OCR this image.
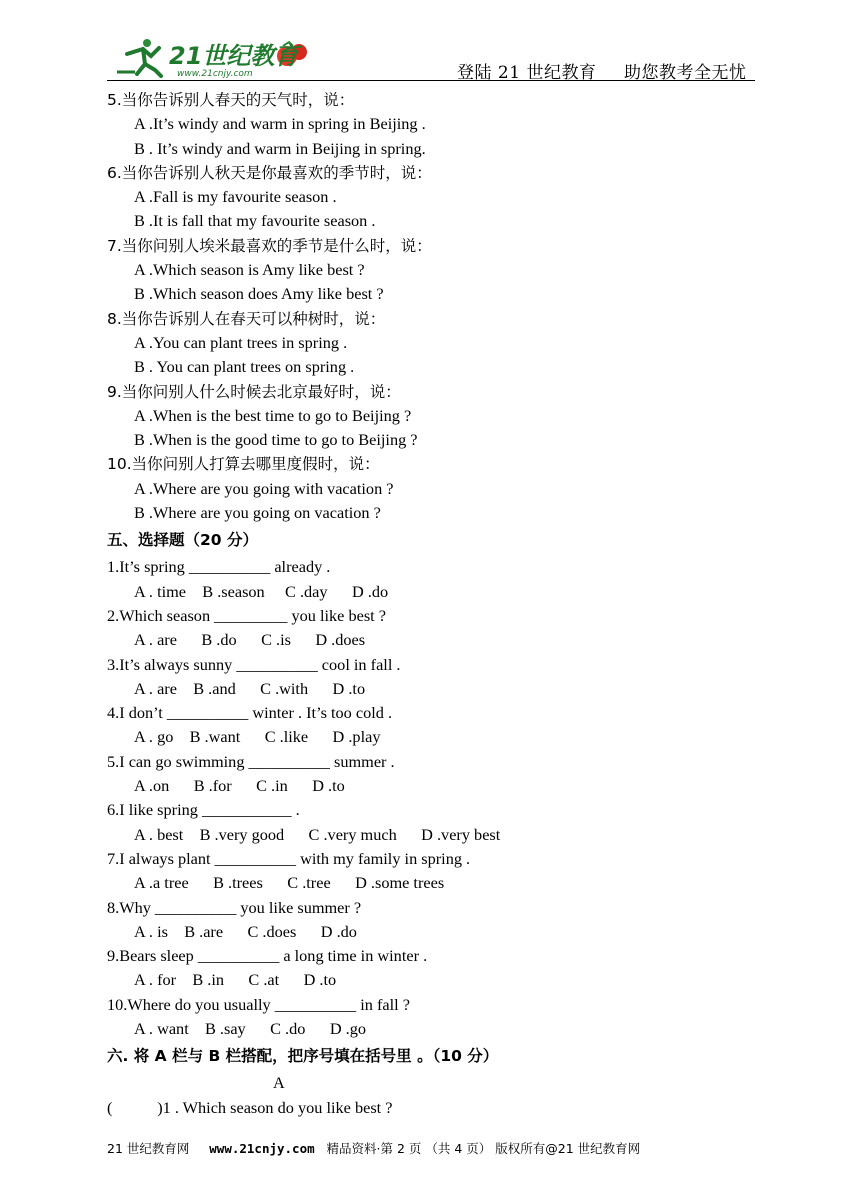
21世纪教育
www.21cnjy.com	登陆 21 世纪教育 助您教考全无忧
5.当你告诉别人春天的天气时，说：
A .It’s windy and warm in spring in Beijing .
B . It’s windy and warm in Beijing in spring.
6.当你告诉别人秋天是你最喜欢的季节时，说：
A .Fall is my favourite season .
B .It is fall that my favourite season .
7.当你问别人埃米最喜欢的季节是什么时，说：
A .Which season is Amy like best ?
B .Which season does Amy like best ?
8.当你告诉别人在春天可以种树时，说：
A .You can plant trees in spring .
B . You can plant trees on spring .
9.当你问别人什么时候去北京最好时，说：
A .When is the best time to go to Beijing ?
B .When is the good time to go to Beijing ?
10.当你问别人打算去哪里度假时，说：
A .Where are you going with vacation ?
B .Where are you going on vacation ?
五、选择题（20 分）
1.It’s spring __________ already .
A . time    B .season     C .day      D .do
2.Which season _________ you like best ?
A . are      B .do      C .is      D .does
3.It’s always sunny __________ cool in fall .
A . are    B .and      C .with      D .to
4.I don’t __________ winter . It’s too cold .
A . go    B .want      C .like      D .play
5.I can go swimming __________ summer .
A .on      B .for      C .in      D .to
6.I like spring ___________ .
A . best    B .very good      C .very much      D .very best
7.I always plant __________ with my family in spring .
A .a tree      B .trees      C .tree      D .some trees
8.Why __________ you like summer ?
A . is    B .are      C .does      D .do
9.Bears sleep __________ a long time in winter .
A . for    B .in      C .at      D .to
10.Where do you usually __________ in fall ?
A . want    B .say      C .do      D .go
六. 将 A 栏与 B 栏搭配，把序号填在括号里 。（10 分）
A
(           )1 . Which season do you like best ?
21 世纪教育网 www.21cnjy.com 精品资料·第 2 页 （共 4 页） 版权所有@21 世纪教育网
